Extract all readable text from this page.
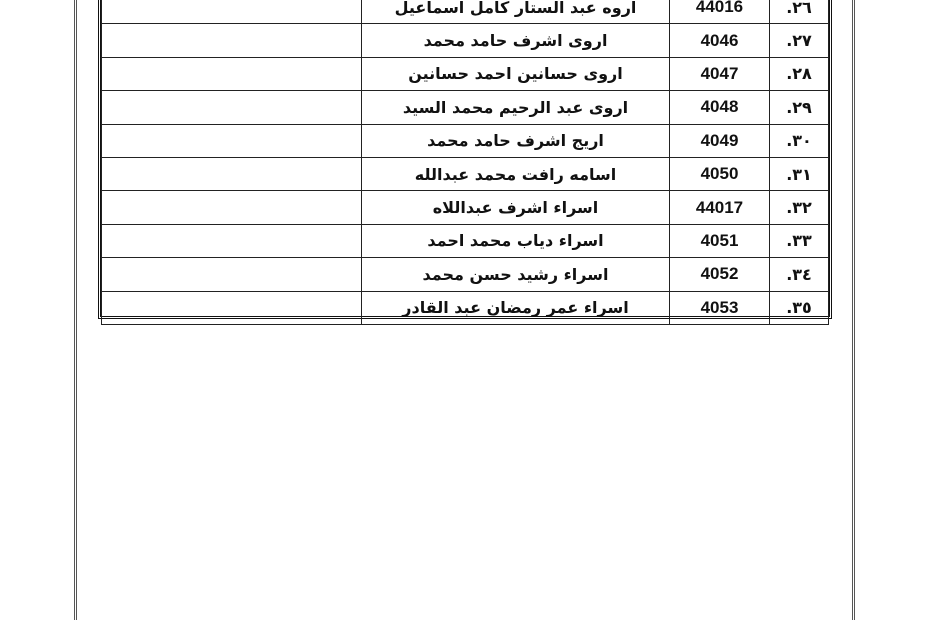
٢٦.	44016	اروه عبد الستار كامل اسماعيل	
٢٧.	4046	اروى اشرف حامد محمد	
٢٨.	4047	اروى حسانين احمد حسانين	
٢٩.	4048	اروى عبد الرحيم محمد السيد	
٣٠.	4049	اريج اشرف حامد محمد	
٣١.	4050	اسامه رافت محمد عبدالله	
٣٢.	44017	اسراء اشرف عبداللاه	
٣٣.	4051	اسراء دياب محمد احمد	
٣٤.	4052	اسراء رشيد حسن محمد	
٣٥.	4053	اسراء عمر رمضان عبد القادر	
